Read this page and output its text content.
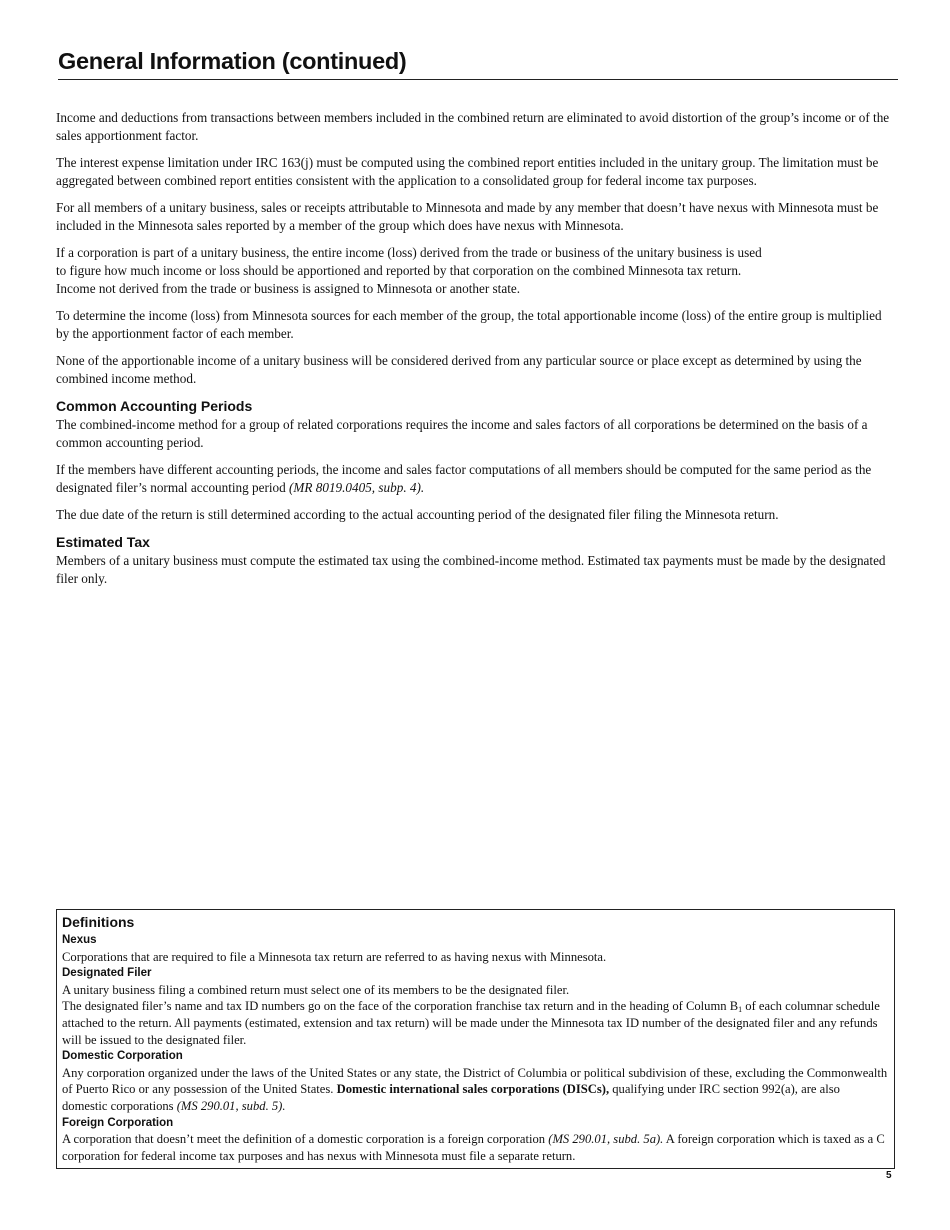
General Information (continued)

Income and deductions from transactions between members included in the combined return are eliminated to avoid distortion of the group’s income or of the sales apportionment factor.

The interest expense limitation under IRC 163(j) must be computed using the combined report entities included in the unitary group. The limitation must be aggregated between combined report entities consistent with the application to a consolidated group for federal income tax purposes.

For all members of a unitary business, sales or receipts attributable to Minnesota and made by any member that doesn’t have nexus with Minnesota must be included in the Minnesota sales reported by a member of the group which does have nexus with Minnesota.

If a corporation is part of a unitary business, the entire income (loss) derived from the trade or business of the unitary business is used
to figure how much income or loss should be apportioned and reported by that corporation on the combined Minnesota tax return.
Income not derived from the trade or business is assigned to Minnesota or another state.

To determine the income (loss) from Minnesota sources for each member of the group, the total apportionable income (loss) of the entire group is multiplied by the apportionment factor of each member.

None of the apportionable income of a unitary business will be considered derived from any particular source or place except as determined by using the combined income method.

Common Accounting Periods

The combined-income method for a group of related corporations requires the income and sales factors of all corporations be determined on the basis of a common accounting period.

If the members have different accounting periods, the income and sales factor computations of all members should be computed for the same period as the designated filer’s normal accounting period (MR 8019.0405, subp. 4).

The due date of the return is still determined according to the actual accounting period of the designated filer filing the Minnesota return.

Estimated Tax

Members of a unitary business must compute the estimated tax using the combined-income method. Estimated tax payments must be made by the designated filer only.

Definitions
Nexus

Corporations that are required to file a Minnesota tax return are referred to as having nexus with Minnesota.

Designated Filer

A unitary business filing a combined return must select one of its members to be the designated filer.

The designated filer’s name and tax ID numbers go on the face of the corporation franchise tax return and in the heading of Column $B_1$ of each columnar schedule attached to the return. All payments (estimated, extension and tax return) will be made under the Minnesota tax ID number of the designated filer and any refunds will be issued to the designated filer.

Domestic Corporation

Any corporation organized under the laws of the United States or any state, the District of Columbia or political subdivision of these, excluding the Commonwealth of Puerto Rico or any possession of the United States. Domestic international sales corporations (DISCs), qualifying under IRC section 992(a), are also domestic corporations (MS 290.01, subd. 5).

Foreign Corporation

A corporation that doesn’t meet the definition of a domestic corporation is a foreign corporation (MS 290.01, subd. 5a). A foreign corporation which is taxed as a C corporation for federal income tax purposes and has nexus with Minnesota must file a separate return.

5
